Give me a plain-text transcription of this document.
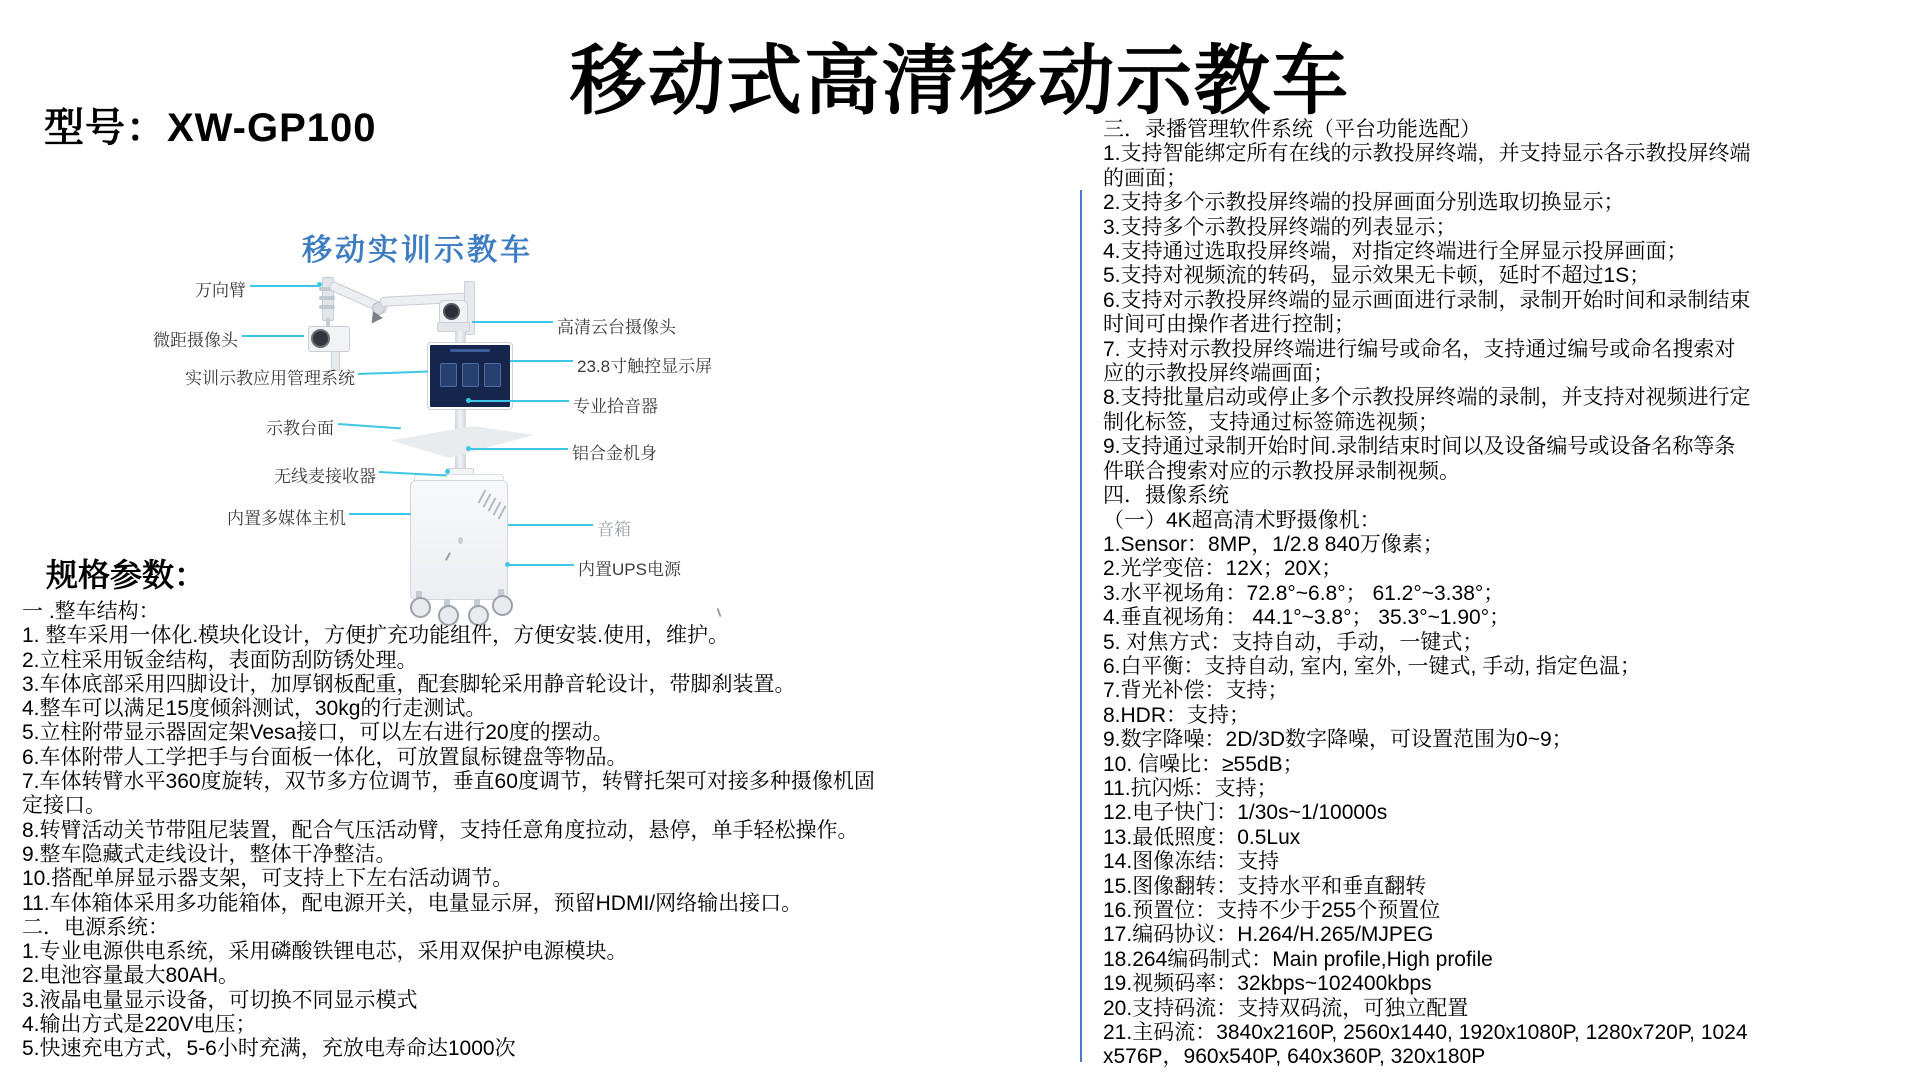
移动式高清移动示教车
型号：XW-GP100
移动实训示教车
万向臂
微距摄像头
实训示教应用管理系统
示教台面
无线麦接收器
内置多媒体主机
高清云台摄像头
23.8寸触控显示屏
专业拾音器
铝合金机身
音箱
内置UPS电源
规格参数：
一 .整车结构：
1. 整车采用一体化.模块化设计，方便扩充功能组件，方便安装.使用，维护。
2.立柱采用钣金结构，表面防刮防锈处理。
3.车体底部采用四脚设计，加厚钢板配重，配套脚轮采用静音轮设计，带脚刹装置。
4.整车可以满足15度倾斜测试，30kg的行走测试。
5.立柱附带显示器固定架Vesa接口，可以左右进行20度的摆动。
6.车体附带人工学把手与台面板一体化，可放置鼠标键盘等物品。
7.车体转臂水平360度旋转，双节多方位调节，垂直60度调节，转臂托架可对接多种摄像机固定接口。
8.转臂活动关节带阻尼装置，配合气压活动臂，支持任意角度拉动，悬停，单手轻松操作。
9.整车隐藏式走线设计，整体干净整洁。
10.搭配单屏显示器支架，可支持上下左右活动调节。
11.车体箱体采用多功能箱体，配电源开关，电量显示屏，预留HDMI/网络输出接口。
二．电源系统：
1.专业电源供电系统，采用磷酸铁锂电芯，采用双保护电源模块。
2.电池容量最大80AH。
3.液晶电量显示设备，可切换不同显示模式
4.输出方式是220V电压；
5.快速充电方式，5-6小时充满，充放电寿命达1000次
三．录播管理软件系统（平台功能选配）
1.支持智能绑定所有在线的示教投屏终端，并支持显示各示教投屏终端的画面；
2.支持多个示教投屏终端的投屏画面分别选取切换显示；
3.支持多个示教投屏终端的列表显示；
4.支持通过选取投屏终端，对指定终端进行全屏显示投屏画面；
5.支持对视频流的转码，显示效果无卡顿，延时不超过1S；
6.支持对示教投屏终端的显示画面进行录制，录制开始时间和录制结束时间可由操作者进行控制；
7. 支持对示教投屏终端进行编号或命名，支持通过编号或命名搜索对应的示教投屏终端画面；
8.支持批量启动或停止多个示教投屏终端的录制，并支持对视频进行定制化标签，支持通过标签筛选视频；
9.支持通过录制开始时间.录制结束时间以及设备编号或设备名称等条件联合搜索对应的示教投屏录制视频。
四．摄像系统
（一）4K超高清术野摄像机：
1.Sensor：8MP，1/2.8 840万像素；
2.光学变倍：12X；20X；
3.水平视场角：72.8°~6.8°； 61.2°~3.38°；
4.垂直视场角： 44.1°~3.8°； 35.3°~1.90°；
5. 对焦方式：支持自动，手动，一键式；
6.白平衡：支持自动, 室内, 室外, 一键式, 手动, 指定色温；
7.背光补偿：支持；
8.HDR：支持；
9.数字降噪：2D/3D数字降噪，可设置范围为0~9；
10. 信噪比：≥55dB；
11.抗闪烁：支持；
12.电子快门：1/30s~1/10000s
13.最低照度：0.5Lux
14.图像冻结：支持
15.图像翻转：支持水平和垂直翻转
16.预置位：支持不少于255个预置位
17.编码协议：H.264/H.265/MJPEG
18.264编码制式：Main profile,High profile
19.视频码率：32kbps~102400kbps
20.支持码流：支持双码流，可独立配置
21.主码流：3840x2160P, 2560x1440, 1920x1080P, 1280x720P, 1024x576P，960x540P, 640x360P, 320x180P
